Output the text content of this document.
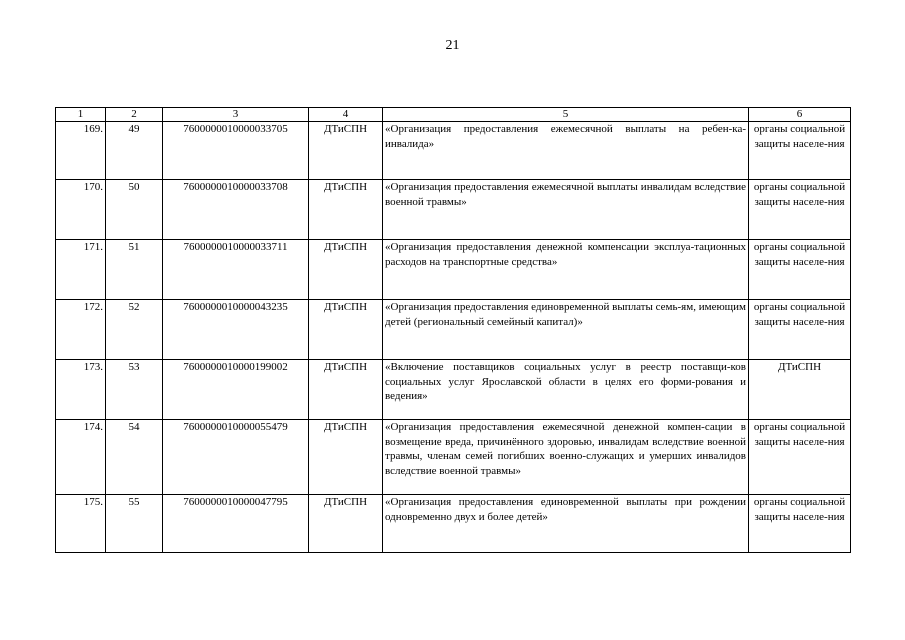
21
1	2	3	4	5	6
169.	49	7600000010000033705	ДТиСПН	«Организация предоставления ежемесячной выплаты на ребен-ка-инвалида»	органы социальной защиты населе-ния
170.	50	7600000010000033708	ДТиСПН	«Организация предоставления ежемесячной выплаты инвалидам вследствие военной травмы»	органы социальной защиты населе-ния
171.	51	7600000010000033711	ДТиСПН	«Организация предоставления денежной компенсации эксплуа-тационных расходов на транспортные средства»	органы социальной защиты населе-ния
172.	52	7600000010000043235	ДТиСПН	«Организация предоставления единовременной выплаты семь-ям, имеющим детей (региональный семейный капитал)»	органы социальной защиты населе-ния
173.	53	7600000010000199002	ДТиСПН	«Включение поставщиков социальных услуг в реестр поставщи-ков социальных услуг Ярославской области в целях его форми-рования и ведения»	ДТиСПН
174.	54	7600000010000055479	ДТиСПН	«Организация предоставления ежемесячной денежной компен-сации в возмещение вреда, причинённого здоровью, инвалидам вследствие военной травмы, членам семей погибших военно-служащих и умерших инвалидов вследствие военной травмы»	органы социальной защиты населе-ния
175.	55	7600000010000047795	ДТиСПН	«Организация предоставления единовременной выплаты при рождении одновременно двух и более детей»	органы социальной защиты населе-ния
